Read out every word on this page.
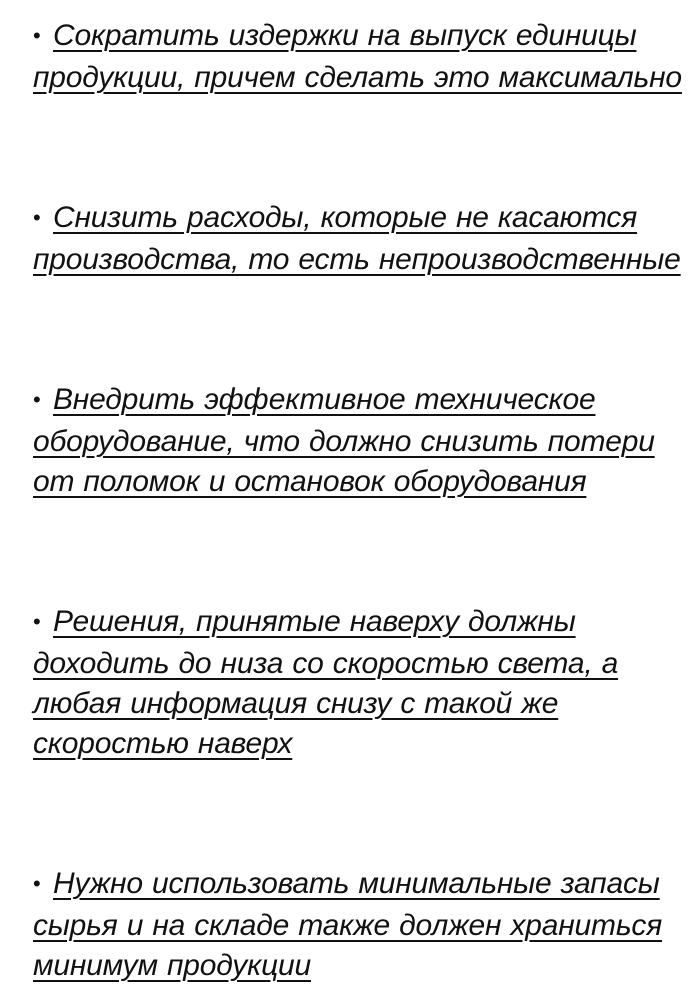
• Сократить издержки на выпуск единицы продукции, причем сделать это максимально

• Снизить расходы, которые не касаются производства, то есть непроизводственные

• Внедрить эффективное техническое оборудование, что должно снизить потери от поломок и остановок оборудования

• Решения, принятые наверху должны доходить до низа со скоростью света, а любая информация снизу с такой же скоростью наверх

• Нужно использовать минимальные запасы сырья и на складе также должен храниться минимум продукции
